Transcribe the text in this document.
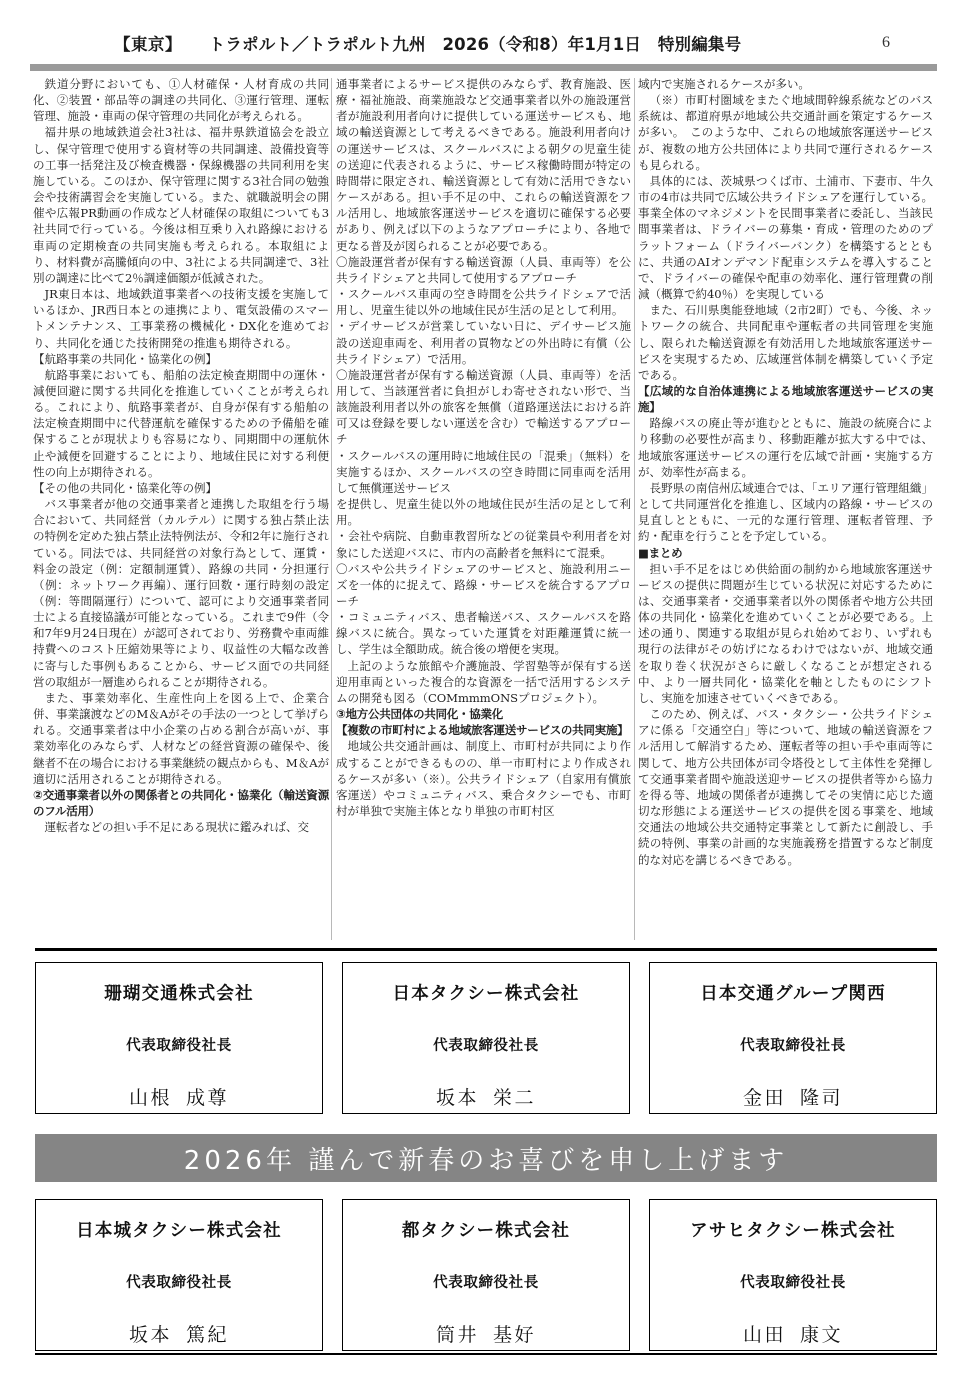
【東京】	トラポルト／トラポルト九州　2026（令和8）年1月1日　特別編集号	6

鉄道分野においても、①人材確保・人材育成の共同化、②装置・部品等の調達の共同化、③運行管理、運転管理、施設・車両の保守管理の共同化が考えられる。

福井県の地域鉄道会社3社は、福井県鉄道協会を設立し、保守管理で使用する資材等の共同調達、設備投資等の工事一括発注及び検査機器・保線機器の共同利用を実施している。このほか、保守管理に関する3社合同の勉強会や技術講習会を実施している。また、就職説明会の開催や広報PR動画の作成など人材確保の取組についても3社共同で行っている。今後は相互乗り入れ路線における車両の定期検査の共同実施も考えられる。本取組により、材料費が高騰傾向の中、3社による共同調達で、3社別の調達に比べて2％調達価額が低減された。

JR東日本は、地域鉄道事業者への技術支援を実施しているほか、JR西日本との連携により、電気設備のスマートメンテナンス、工事業務の機械化・DX化を進めており、共同化を通じた技術開発の推進も期待される。

【航路事業の共同化・協業化の例】

航路事業においても、船舶の法定検査期間中の運休・減便回避に関する共同化を推進していくことが考えられる。これにより、航路事業者が、自身が保有する船舶の法定検査期間中に代替運航を確保するための予備船を確保することが現状よりも容易になり、同期間中の運航休止や減便を回避することにより、地域住民に対する利便性の向上が期待される。

【その他の共同化・協業化等の例】

バス事業者が他の交通事業者と連携した取組を行う場合において、共同経営（カルテル）に関する独占禁止法の特例を定めた独占禁止法特例法が、令和2年に施行されている。同法では、共同経営の対象行為として、運賃・料金の設定（例：定額制運賃）、路線の共同・分担運行（例：ネットワーク再編）、運行回数・運行時刻の設定（例：等間隔運行）について、認可により交通事業者同士による直接協議が可能となっている。これまで9件（令和7年9月24日現在）が認可されており、労務費や車両維持費へのコスト圧縮効果等により、収益性の大幅な改善に寄与した事例もあることから、サービス面での共同経営の取組が一層進められることが期待される。

また、事業効率化、生産性向上を図る上で、企業合併、事業譲渡などのM＆Aがその手法の一つとして挙げられる。交通事業者は中小企業の占める割合が高いが、事業効率化のみならず、人材などの経営資源の確保や、後継者不在の場合における事業継続の観点からも、M＆Aが適切に活用されることが期待される。

②交通事業者以外の関係者との共同化・協業化（輸送資源のフル活用）

運転者などの担い手不足にある現状に鑑みれば、交

通事業者によるサービス提供のみならず、教育施設、医療・福祉施設、商業施設など交通事業者以外の施設運営者が施設利用者向けに提供している運送サービスも、地域の輸送資源として考えるべきである。施設利用者向けの運送サービスは、スクールバスによる朝夕の児童生徒の送迎に代表されるように、サービス稼働時間が特定の時間帯に限定され、輸送資源として有効に活用できないケースがある。担い手不足の中、これらの輸送資源をフル活用し、地域旅客運送サービスを適切に確保する必要があり、例えば以下のようなアプローチにより、各地で更なる普及が図られることが必要である。

〇施設運営者が保有する輸送資源（人員、車両等）を公共ライドシェアと共同して使用するアプローチ

・スクールバス車両の空き時間を公共ライドシェアで活用し、児童生徒以外の地域住民が生活の足として利用。

・デイサービスが営業していない日に、デイサービス施設の送迎車両を、利用者の買物などの外出時に有償（公共ライドシェア）で活用。

〇施設運営者が保有する輸送資源（人員、車両等）を活用して、当該運営者に負担がしわ寄せされない形で、当該施設利用者以外の旅客を無償（道路運送法における許可又は登録を要しない運送を含む）で輸送するアプローチ

・スクールバスの運用時に地域住民の「混乗」（無料）を実施するほか、スクールバスの空き時間に同車両を活用して無償運送サービス

を提供し、児童生徒以外の地域住民が生活の足として利用。

・会社や病院、自動車教習所などの従業員や利用者を対象にした送迎バスに、市内の高齢者を無料にて混乗。

〇バスや公共ライドシェアのサービスと、施設利用ニーズを一体的に捉えて、路線・サービスを統合するアプローチ

・コミュニティバス、患者輸送バス、スクールバスを路線バスに統合。異なっていた運賃を対距離運賃に統一し、学生は全額助成。統合後の増便を実現。

上記のような旅館や介護施設、学習塾等が保有する送迎用車両といった複合的な資源を一括で活用するシステムの開発も図る（COMmmmONSプロジェクト）。

③地方公共団体の共同化・協業化

【複数の市町村による地域旅客運送サービスの共同実施】

地域公共交通計画は、制度上、市町村が共同により作成することができるものの、単一市町村により作成されるケースが多い（※）。公共ライドシェア（自家用有償旅客運送）やコミュニティバス、乗合タクシーでも、市町村が単独で実施主体となり単独の市町村区

域内で実施されるケースが多い。

（※）市町村圏域をまたぐ地域間幹線系統などのバス系統は、都道府県が地域公共交通計画を策定するケースが多い。　このような中、これらの地域旅客運送サービスが、複数の地方公共団体により共同で運行されるケースも見られる。

具体的には、茨城県つくば市、土浦市、下妻市、牛久市の4市は共同で広域公共ライドシェアを運行している。事業全体のマネジメントを民間事業者に委託し、当該民間事業者は、ドライバーの募集・育成・管理のためのプラットフォーム（ドライバーバンク）を構築するとともに、共通のAIオンデマンド配車システムを導入することで、ドライバーの確保や配車の効率化、運行管理費の削減（概算で約40％）を実現している

また、石川県奥能登地域（2市2町）でも、今後、ネットワークの統合、共同配車や運転者の共同管理を実施し、限られた輸送資源を有効活用した地域旅客運送サービスを実現するため、広域運営体制を構築していく予定である。

【広域的な自治体連携による地域旅客運送サービスの実施】

路線バスの廃止等が進むとともに、施設の統廃合により移動の必要性が高まり、移動距離が拡大する中では、地域旅客運送サービスの運行を広域で計画・実施する方が、効率性が高まる。

長野県の南信州広域連合では、「エリア運行管理組織」として共同運営化を推進し、区域内の路線・サービスの見直しとともに、一元的な運行管理、運転者管理、予約・配車を行うことを予定している。

■まとめ

担い手不足をはじめ供給面の制約から地域旅客運送サービスの提供に問題が生じている状況に対応するためには、交通事業者・交通事業者以外の関係者や地方公共団体の共同化・協業化を進めていくことが必要である。上述の通り、関連する取組が見られ始めており、いずれも現行の法律がその妨げになるわけではないが、地域交通を取り巻く状況がさらに厳しくなることが想定される中、より一層共同化・協業化を軸としたものにシフトし、実施を加速させていくべきである。

このため、例えば、バス・タクシー・公共ライドシェアに係る「交通空白」等について、地域の輸送資源をフル活用して解消するため、運転者等の担い手や車両等に関して、地方公共団体が司令塔役として主体性を発揮して交通事業者間や施設送迎サービスの提供者等から協力を得る等、地域の関係者が連携してその実情に応じた適切な形態による運送サービスの提供を図る事業を、地域交通法の地域公共交通特定事業として新たに創設し、手続の特例、事業の計画的な実施義務を措置するなど制度的な対応を講じるべきである。

珊瑚交通株式会社
代表取締役社長
山根 成尊
日本タクシー株式会社
代表取締役社長
坂本 栄二
日本交通グループ関西
代表取締役社長
金田 隆司
2026年 謹んで新春のお喜びを申し上げます
日本城タクシー株式会社
代表取締役社長
坂本 篤紀
都タクシー株式会社
代表取締役社長
筒井 基好
アサヒタクシー株式会社
代表取締役社長
山田 康文
